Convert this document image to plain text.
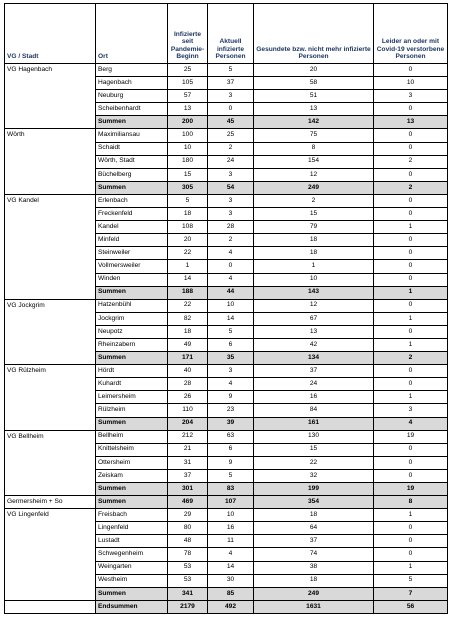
VG / Stadt	Ort	Infizierte seit Pandemie-Beginn	Aktuell infizierte Personen	Gesundete bzw. nicht mehr infizierte Personen	Leider an oder mit Covid-19 verstorbene Personen
VG Hagenbach	Berg	25	5	20	0
	Hagenbach	105	37	58	10
	Neuburg	57	3	51	3
	Scheibenhardt	13	0	13	0
	Summen	200	45	142	13
Wörth	Maximiliansau	100	25	75	0
	Schaidt	10	2	8	0
	Wörth, Stadt	180	24	154	2
	Büchelberg	15	3	12	0
	Summen	305	54	249	2
VG Kandel	Erlenbach	5	3	2	0
	Freckenfeld	18	3	15	0
	Kandel	108	28	79	1
	Minfeld	20	2	18	0
	Steinweiler	22	4	18	0
	Vollmersweiler	1	0	1	0
	Winden	14	4	10	0
	Summen	188	44	143	1
VG Jockgrim	Hatzenbühl	22	10	12	0
	Jockgrim	82	14	67	1
	Neupotz	18	5	13	0
	Rheinzabern	49	6	42	1
	Summen	171	35	134	2
VG Rülzheim	Hördt	40	3	37	0
	Kuhardt	28	4	24	0
	Leimersheim	26	9	16	1
	Rülzheim	110	23	84	3
	Summen	204	39	161	4
VG Bellheim	Bellheim	212	63	130	19
	Knittelsheim	21	6	15	0
	Ottersheim	31	9	22	0
	Zeiskam	37	5	32	0
	Summen	301	83	199	19
Germersheim + So	Summen	469	107	354	8
VG Lingenfeld	Freisbach	29	10	18	1
	Lingenfeld	80	16	64	0
	Lustadt	48	11	37	0
	Schwegenheim	78	4	74	0
	Weingarten	53	14	38	1
	Westheim	53	30	18	5
	Summen	341	85	249	7
	Endsummen	2179	492	1631	56
